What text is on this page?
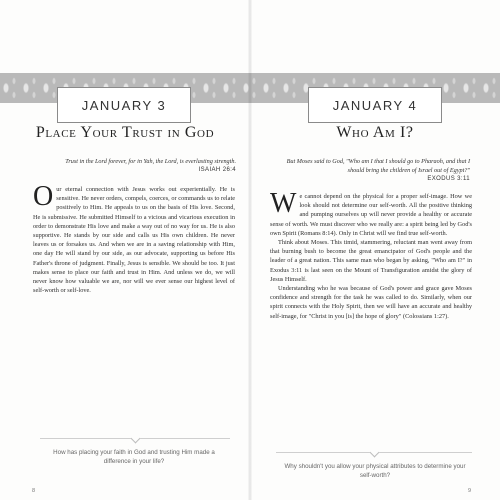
JANUARY 3
Place Your Trust in God
Trust in the Lord forever, for in Yah, the Lord, is everlasting strength.
ISAIAH 26:4

Our eternal connection with Jesus works out experientially. He is sensitive. He never orders, compels, coerces, or commands us to relate positively to Him. He appeals to us on the basis of His love. Second, He is submissive. He submitted Himself to a vicious and vicarious execution in order to demonstrate His love and make a way out of no way for us. He is also supportive. He stands by our side and calls us His own children. He never leaves us or forsakes us. And when we are in a saving relationship with Him, one day He will stand by our side, as our advocate, supporting us before His Father's throne of judgment. Finally, Jesus is sensible. We should be too. It just makes sense to place our faith and trust in Him. And unless we do, we will never know how valuable we are, nor will we ever sense our highest level of self-worth or self-love.

How has placing your faith in God and trusting Him made a difference in your life?
8
JANUARY 4
Who Am I?
But Moses said to God, "Who am I that I should go to Pharaoh, and that I should bring the children of Israel out of Egypt?"
EXODUS 3:11

We cannot depend on the physical for a proper self-image. How we look should not determine our self-worth. All the positive thinking and pumping ourselves up will never provide a healthy or accurate sense of worth. We must discover who we really are: a spirit being led by God's own Spirit (Romans 8:14). Only in Christ will we find true self-worth.

Think about Moses. This timid, stammering, reluctant man went away from that burning bush to become the great emancipator of God's people and the leader of a great nation. This same man who began by asking, "Who am I?" in Exodus 3:11 is last seen on the Mount of Transfiguration amidst the glory of Jesus Himself.

Understanding who he was because of God's power and grace gave Moses confidence and strength for the task he was called to do. Similarly, when our spirit connects with the Holy Spirit, then we will have an accurate and healthy self-image, for "Christ in you [is] the hope of glory" (Colossians 1:27).

Why shouldn't you allow your physical attributes to determine your self-worth?
9
